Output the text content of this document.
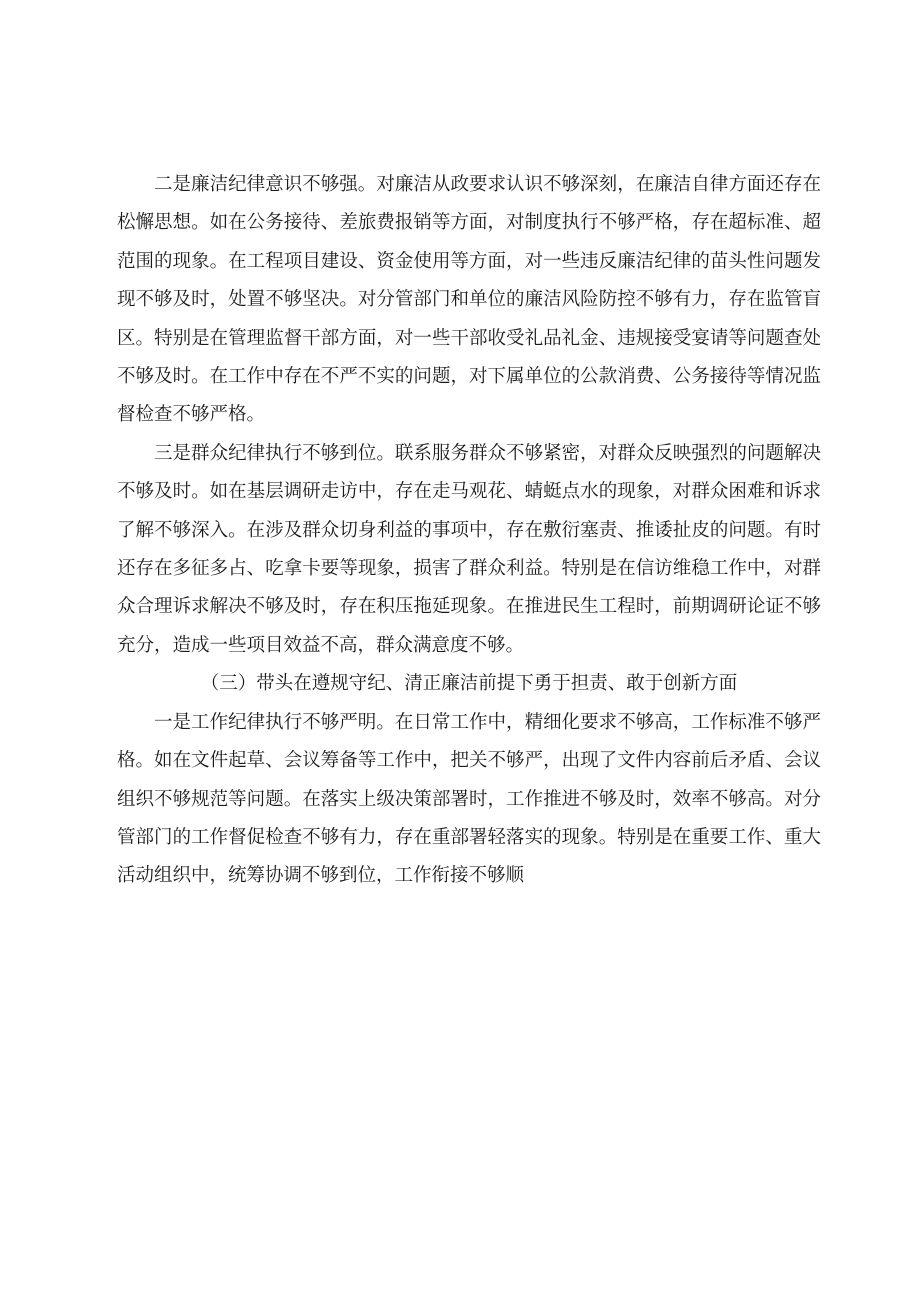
二是廉洁纪律意识不够强。对廉洁从政要求认识不够深刻，在廉洁自律方面还存在松懈思想。如在公务接待、差旅费报销等方面，对制度执行不够严格，存在超标准、超范围的现象。在工程项目建设、资金使用等方面，对一些违反廉洁纪律的苗头性问题发现不够及时，处置不够坚决。对分管部门和单位的廉洁风险防控不够有力，存在监管盲区。特别是在管理监督干部方面，对一些干部收受礼品礼金、违规接受宴请等问题查处不够及时。在工作中存在不严不实的问题，对下属单位的公款消费、公务接待等情况监督检查不够严格。

三是群众纪律执行不够到位。联系服务群众不够紧密，对群众反映强烈的问题解决不够及时。如在基层调研走访中，存在走马观花、蜻蜓点水的现象，对群众困难和诉求了解不够深入。在涉及群众切身利益的事项中，存在敷衍塞责、推诿扯皮的问题。有时还存在多征多占、吃拿卡要等现象，损害了群众利益。特别是在信访维稳工作中，对群众合理诉求解决不够及时，存在积压拖延现象。在推进民生工程时，前期调研论证不够充分，造成一些项目效益不高，群众满意度不够。

（三）带头在遵规守纪、清正廉洁前提下勇于担责、敢于创新方面

一是工作纪律执行不够严明。在日常工作中，精细化要求不够高，工作标准不够严格。如在文件起草、会议筹备等工作中，把关不够严，出现了文件内容前后矛盾、会议组织不够规范等问题。在落实上级决策部署时，工作推进不够及时，效率不够高。对分管部门的工作督促检查不够有力，存在重部署轻落实的现象。特别是在重要工作、重大活动组织中，统筹协调不够到位，工作衔接不够顺
